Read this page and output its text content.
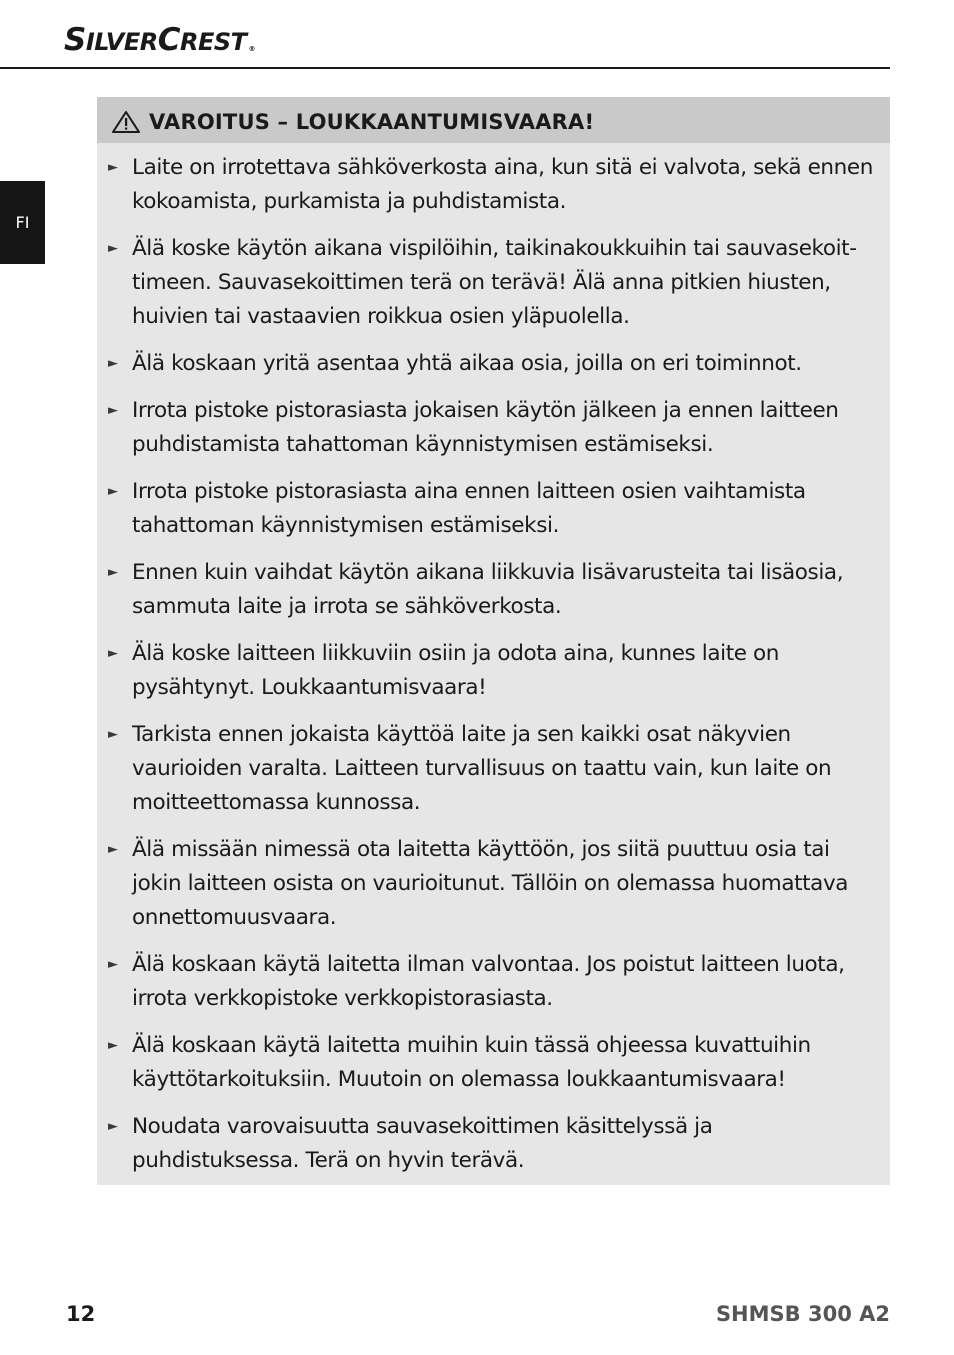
SILVERCREST ®
FI
VAROITUS – LOUKKAANTUMISVAARA!
► Laite on irrotettava sähköverkosta aina, kun sitä ei valvota, sekä ennen kokoamista, purkamista ja puhdistamista.
► Älä koske käytön aikana vispilöihin, taikinakoukkuihin tai sauvasekoittimeen. Sauvasekoittimen terä on terävä! Älä anna pitkien hiusten, huivien tai vastaavien roikkua osien yläpuolella.
► Älä koskaan yritä asentaa yhtä aikaa osia, joilla on eri toiminnot.
► Irrota pistoke pistorasiasta jokaisen käytön jälkeen ja ennen laitteen puhdistamista tahattoman käynnistymisen estämiseksi.
► Irrota pistoke pistorasiasta aina ennen laitteen osien vaihtamista tahattoman käynnistymisen estämiseksi.
► Ennen kuin vaihdat käytön aikana liikkuvia lisävarusteita tai lisäosia, sammuta laite ja irrota se sähköverkosta.
► Älä koske laitteen liikkuviin osiin ja odota aina, kunnes laite on pysähtynyt. Loukkaantumisvaara!
► Tarkista ennen jokaista käyttöä laite ja sen kaikki osat näkyvien vaurioiden varalta. Laitteen turvallisuus on taattu vain, kun laite on moitteettomassa kunnossa.
► Älä missään nimessä ota laitetta käyttöön, jos siitä puuttuu osia tai jokin laitteen osista on vaurioitunut. Tällöin on olemassa huomattava onnettomuusvaara.
► Älä koskaan käytä laitetta ilman valvontaa. Jos poistut laitteen luota, irrota verkkopistoke verkkopistorasiasta.
► Älä koskaan käytä laitetta muihin kuin tässä ohjeessa kuvattuihin käyttötarkoituksiin. Muutoin on olemassa loukkaantumisvaara!
► Noudata varovaisuutta sauvasekoittimen käsittelyssä ja puhdistuksessa. Terä on hyvin terävä.
12	SHMSB 300 A2
